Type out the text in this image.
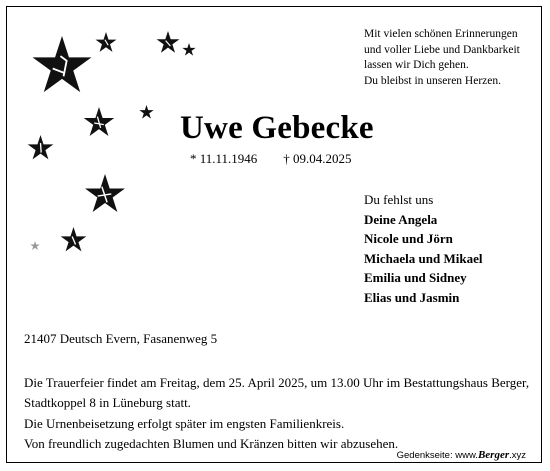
Mit vielen schönen Erinnerungen
und voller Liebe und Dankbarkeit
lassen wir Dich gehen.
Du bleibst in unseren Herzen.
Uwe Gebecke
* 11.11.1946 † 09.04.2025
Du fehlst uns
Deine Angela
Nicole und Jörn
Michaela und Mikael
Emilia und Sidney
Elias und Jasmin
21407 Deutsch Evern, Fasanenweg 5

Die Trauerfeier findet am Freitag, dem 25. April 2025, um 13.00 Uhr im Bestattungshaus Berger, Stadtkoppel 8 in Lüneburg statt.

Die Urnenbeisetzung erfolgt später im engsten Familienkreis.

Von freundlich zugedachten Blumen und Kränzen bitten wir abzusehen.

Gedenkseite: www.Berger.xyz
